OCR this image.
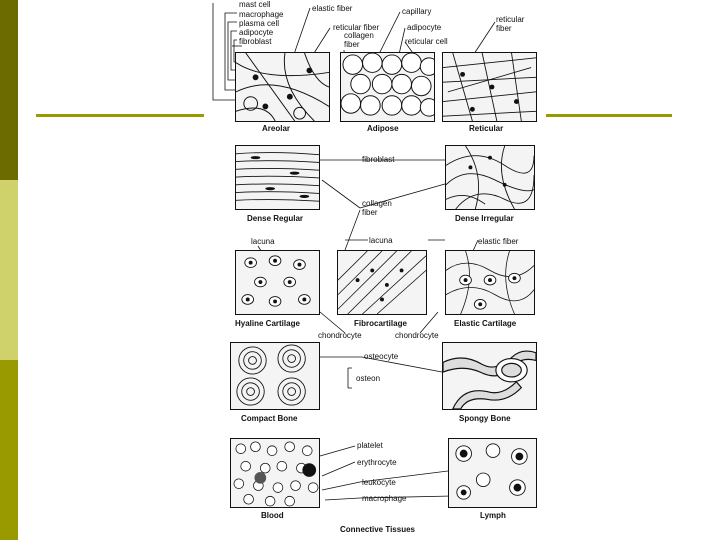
mast cell
macrophage
plasma cell
adipocyte
fibroblast
elastic fiber
reticular fiber
collagen
fiber
capillary
adipocyte
reticular cell
reticular
fiber
fibroblast
collagen
fiber
lacuna	lacuna	elastic fiber
chondrocyte	chondrocyte
osteocyte
osteon
platelet
erythrocyte
leukocyte
macrophage
Areolar	Adipose	Reticular
Dense Regular	Dense Irregular
Hyaline Cartilage	Fibrocartilage	Elastic Cartilage
Compact Bone	Spongy Bone
Blood	Lymph
Connective Tissues
